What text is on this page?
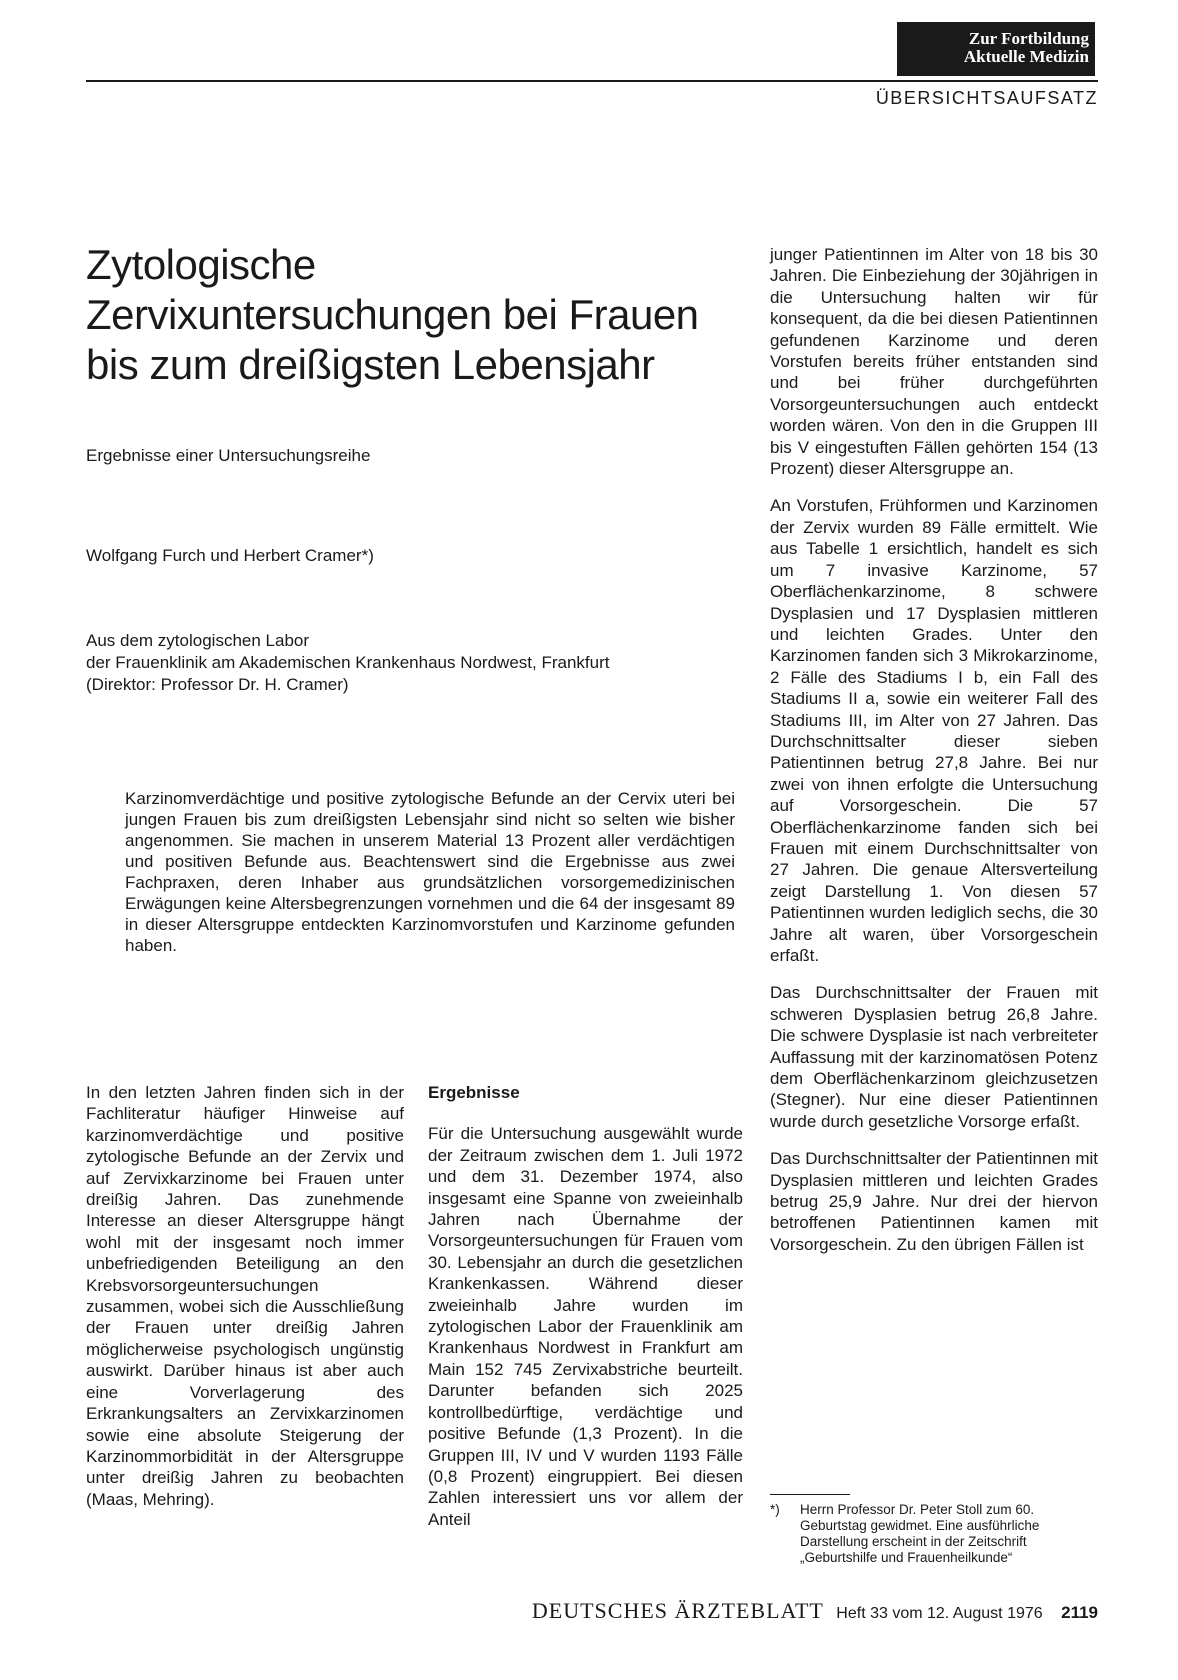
Zur Fortbildung
Aktuelle Medizin
ÜBERSICHTSAUFSATZ
Zytologische
Zervixuntersuchungen bei Frauen
bis zum dreißigsten Lebensjahr
Ergebnisse einer Untersuchungsreihe
Wolfgang Furch und Herbert Cramer*)
Aus dem zytologischen Labor
der Frauenklinik am Akademischen Krankenhaus Nordwest, Frankfurt
(Direktor: Professor Dr. H. Cramer)
Karzinomverdächtige und positive zytologische Befunde an der Cervix uteri bei jungen Frauen bis zum dreißigsten Lebensjahr sind nicht so selten wie bisher angenommen. Sie machen in unserem Material 13 Prozent aller verdächtigen und positiven Befunde aus. Beachtenswert sind die Ergebnisse aus zwei Fachpraxen, deren Inhaber aus grundsätzlichen vorsorgemedizinischen Erwägungen keine Altersbegrenzungen vornehmen und die 64 der insgesamt 89 in dieser Altersgruppe entdeckten Karzinomvorstufen und Karzinome gefunden haben.

In den letzten Jahren finden sich in der Fachliteratur häufiger Hinweise auf karzinomverdächtige und positive zytologische Befunde an der Zervix und auf Zervixkarzinome bei Frauen unter dreißig Jahren. Das zunehmende Interesse an dieser Altersgruppe hängt wohl mit der insgesamt noch immer unbefriedigenden Beteiligung an den Krebsvorsorgeuntersuchungen zusammen, wobei sich die Ausschließung der Frauen unter dreißig Jahren möglicherweise psychologisch ungünstig auswirkt. Darüber hinaus ist aber auch eine Vorverlagerung des Erkrankungsalters an Zervixkarzinomen sowie eine absolute Steigerung der Karzinommorbidität in der Altersgruppe unter dreißig Jahren zu beobachten (Maas, Mehring).

Ergebnisse

Für die Untersuchung ausgewählt wurde der Zeitraum zwischen dem 1. Juli 1972 und dem 31. Dezember 1974, also insgesamt eine Spanne von zweieinhalb Jahren nach Übernahme der Vorsorgeuntersuchungen für Frauen vom 30. Lebensjahr an durch die gesetzlichen Krankenkassen. Während dieser zweieinhalb Jahre wurden im zytologischen Labor der Frauenklinik am Krankenhaus Nordwest in Frankfurt am Main 152 745 Zervixabstriche beurteilt. Darunter befanden sich 2025 kontrollbedürftige, verdächtige und positive Befunde (1,3 Prozent). In die Gruppen III, IV und V wurden 1193 Fälle (0,8 Prozent) eingruppiert. Bei diesen Zahlen interessiert uns vor allem der Anteil

junger Patientinnen im Alter von 18 bis 30 Jahren. Die Einbeziehung der 30jährigen in die Untersuchung halten wir für konsequent, da die bei diesen Patientinnen gefundenen Karzinome und deren Vorstufen bereits früher entstanden sind und bei früher durchgeführten Vorsorgeuntersuchungen auch entdeckt worden wären. Von den in die Gruppen III bis V eingestuften Fällen gehörten 154 (13 Prozent) dieser Altersgruppe an.

An Vorstufen, Frühformen und Karzinomen der Zervix wurden 89 Fälle ermittelt. Wie aus Tabelle 1 ersichtlich, handelt es sich um 7 invasive Karzinome, 57 Oberflächenkarzinome, 8 schwere Dysplasien und 17 Dysplasien mittleren und leichten Grades. Unter den Karzinomen fanden sich 3 Mikrokarzinome, 2 Fälle des Stadiums I b, ein Fall des Stadiums II a, sowie ein weiterer Fall des Stadiums III, im Alter von 27 Jahren. Das Durchschnittsalter dieser sieben Patientinnen betrug 27,8 Jahre. Bei nur zwei von ihnen erfolgte die Untersuchung auf Vorsorgeschein. Die 57 Oberflächenkarzinome fanden sich bei Frauen mit einem Durchschnittsalter von 27 Jahren. Die genaue Altersverteilung zeigt Darstellung 1. Von diesen 57 Patientinnen wurden lediglich sechs, die 30 Jahre alt waren, über Vorsorgeschein erfaßt.

Das Durchschnittsalter der Frauen mit schweren Dysplasien betrug 26,8 Jahre. Die schwere Dysplasie ist nach verbreiteter Auffassung mit der karzinomatösen Potenz dem Oberflächenkarzinom gleichzusetzen (Stegner). Nur eine dieser Patientinnen wurde durch gesetzliche Vorsorge erfaßt.

Das Durchschnittsalter der Patientinnen mit Dysplasien mittleren und leichten Grades betrug 25,9 Jahre. Nur drei der hiervon betroffenen Patientinnen kamen mit Vorsorgeschein. Zu den übrigen Fällen ist

*) Herrn Professor Dr. Peter Stoll zum 60. Geburtstag gewidmet. Eine ausführliche Darstellung erscheint in der Zeitschrift „Geburtshilfe und Frauenheilkunde“
DEUTSCHES ÄRZTEBLATT Heft 33 vom 12. August 1976 2119
